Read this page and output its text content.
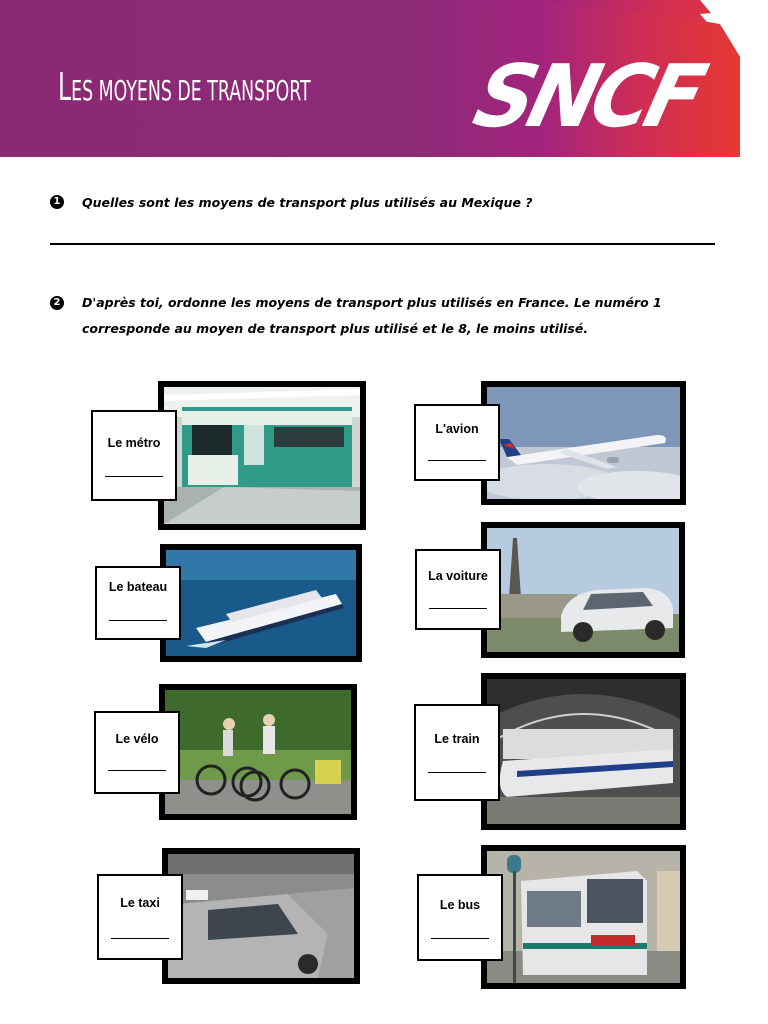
LES MOYENS DE TRANSPORT SNCF
1 Quelles sont les moyens de transport plus utilisés au Mexique ?
2 D'après toi, ordonne les moyens de transport plus utilisés en France. Le numéro 1 corresponde au moyen de transport plus utilisé et le 8, le moins utilisé.
Le métro
L'avion
Le bateau
La voiture
Le vélo	Le train
Le taxi	Le bus
